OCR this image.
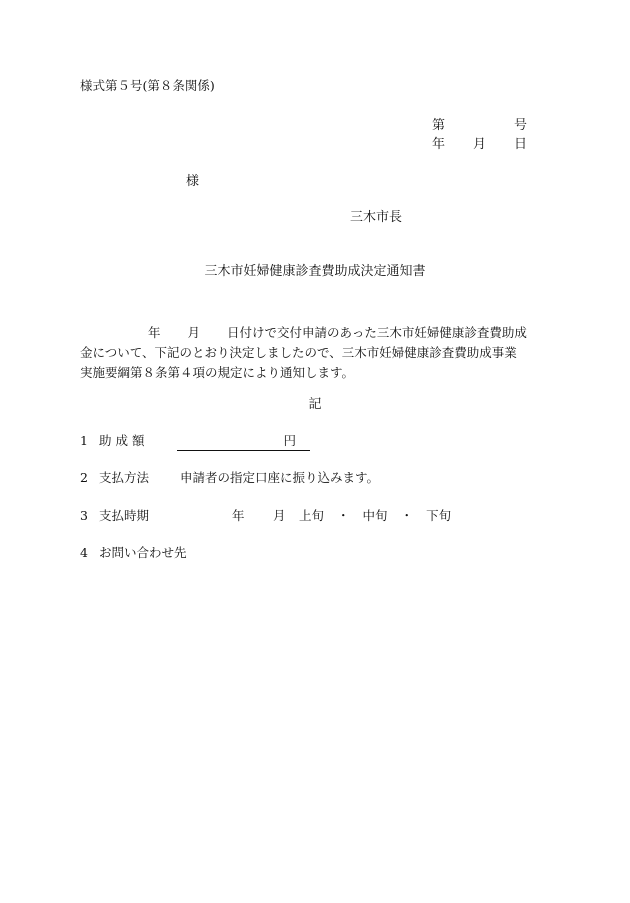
様式第５号(第８条関係)
第	号
年 月 日
様
三木市長
三木市妊婦健康診査費助成決定通知書
年 月 日付けで交付申請のあった三木市妊婦健康診査費助成
金について、下記のとおり決定しましたので、三木市妊婦健康診査費助成事業
実施要綱第８条第４項の規定により通知します。
記
1 助 成 額	円
2 支払方法 申請者の指定口座に振り込みます。
3 支払時期	年 月 上旬 ・ 中旬 ・ 下旬
4 お問い合わせ先
